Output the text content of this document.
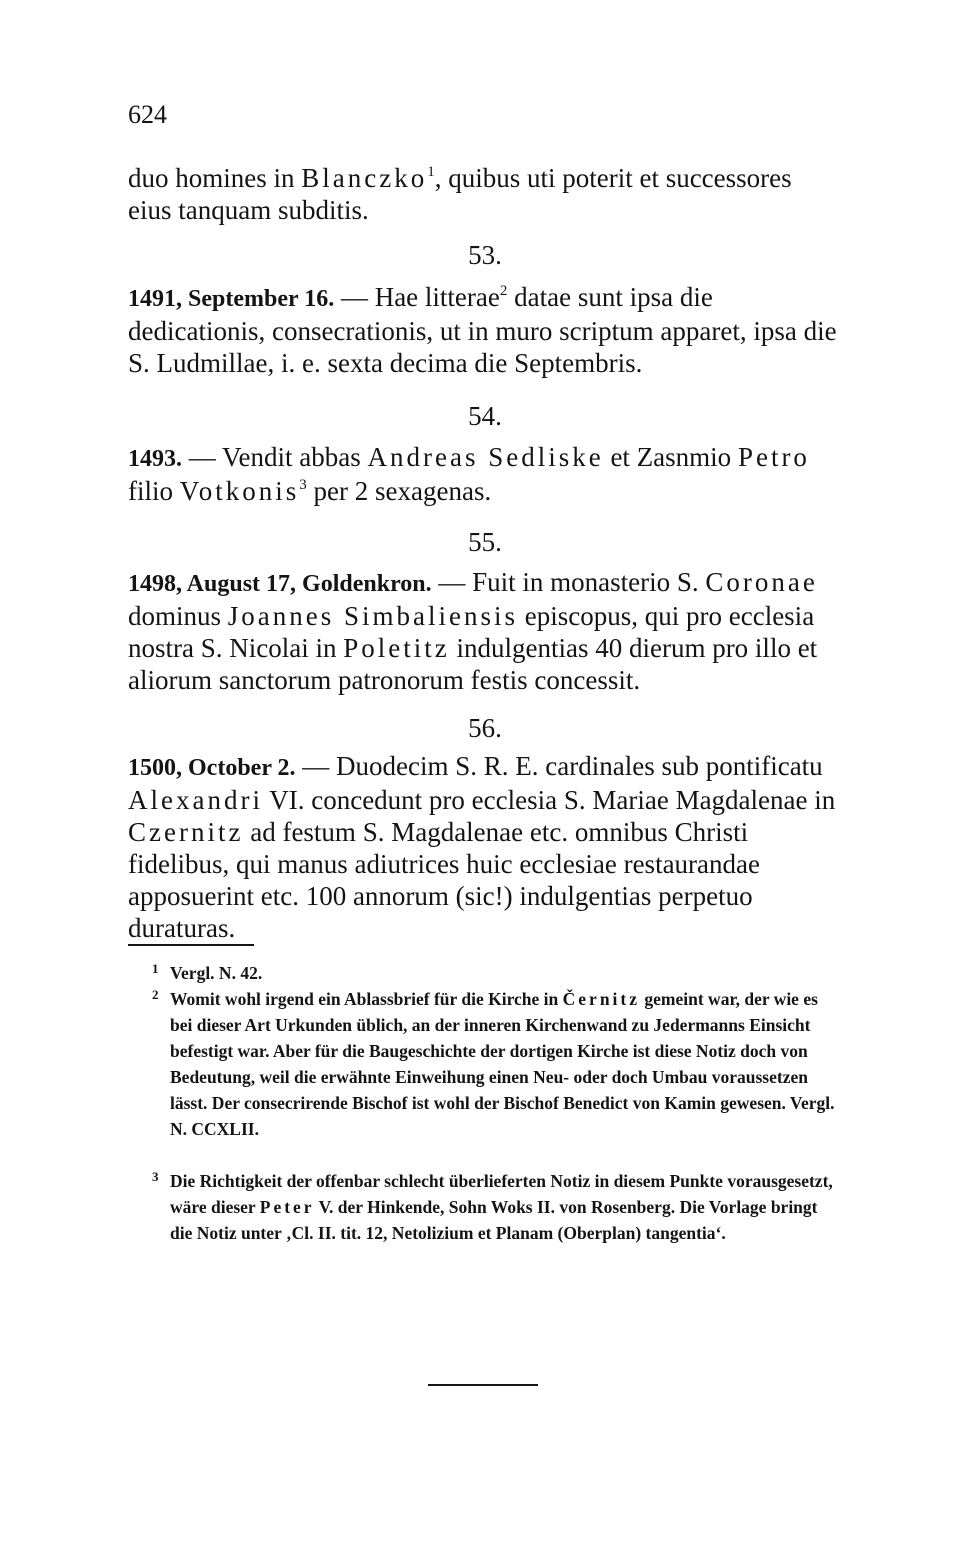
624
duo homines in Blanczko$^1$, quibus uti poterit et successores eius tanquam subditis.
53.
1491, September 16. — Hae litterae$^2$ datae sunt ipsa die dedicationis, consecrationis, ut in muro scriptum apparet, ipsa die S. Ludmillae, i. e. sexta decima die Septembris.
54.
1493. — Vendit abbas Andreas Sedliske et Zasnmio Petro filio Votkonis$^3$ per 2 sexagenas.
55.
1498, August 17, Goldenkron. — Fuit in monasterio S. Coronae dominus Joannes Simbaliensis episcopus, qui pro ecclesia nostra S. Nicolai in Poletitz indulgentias 40 dierum pro illo et aliorum sanctorum patronorum festis concessit.
56.
1500, October 2. — Duodecim S. R. E. cardinales sub pontificatu Alexandri VI. concedunt pro ecclesia S. Mariae Magdalenae in Czernitz ad festum S. Magdalenae etc. omnibus Christi fidelibus, qui manus adiutrices huic ecclesiae restaurandae apposuerint etc. 100 annorum (sic!) indulgentias perpetuo duraturas.
1 Vergl. N. 42.
2 Womit wohl irgend ein Ablassbrief für die Kirche in Černitz gemeint war, der wie es bei dieser Art Urkunden üblich, an der inneren Kirchenwand zu Jedermanns Einsicht befestigt war. Aber für die Baugeschichte der dortigen Kirche ist diese Notiz doch von Bedeutung, weil die erwähnte Einweihung einen Neu- oder doch Umbau voraussetzen lässt. Der consecrirende Bischof ist wohl der Bischof Benedict von Kamin gewesen. Vergl. N. CCXLII.
3 Die Richtigkeit der offenbar schlecht überlieferten Notiz in diesem Punkte vorausgesetzt, wäre dieser Peter V. der Hinkende, Sohn Woks II. von Rosenberg. Die Vorlage bringt die Notiz unter ‚Cl. II. tit. 12, Netolizium et Planam (Oberplan) tangentia‘.
